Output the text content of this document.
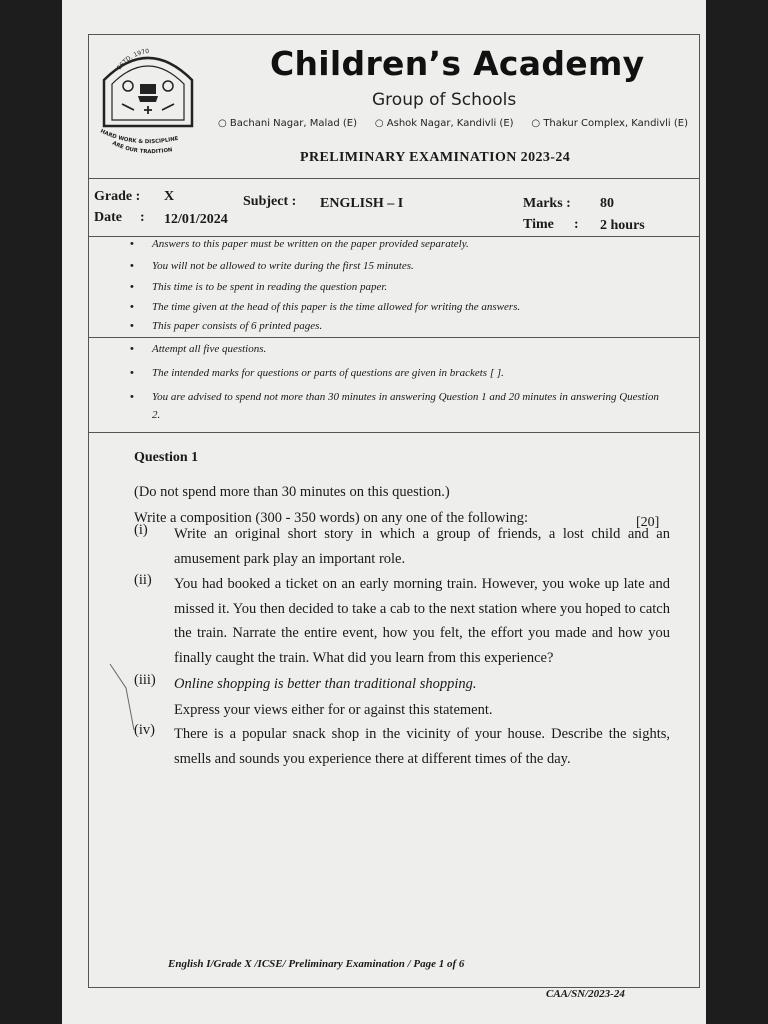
ESTD. 1970
HARD WORK & DISCIPLINE
ARE OUR TRADITION
Children’s Academy
Group of Schools
○ Bachani Nagar, Malad (E) ○ Ashok Nagar, Kandivli (E) ○ Thakur Complex, Kandivli (E)
PRELIMINARY EXAMINATION 2023-24
Grade : X
Date : 12/01/2024
Subject : ENGLISH – I	Marks : 80
Time : 2 hours
• Answers to this paper must be written on the paper provided separately.
• You will not be allowed to write during the first 15 minutes.
• This time is to be spent in reading the question paper.
• The time given at the head of this paper is the time allowed for writing the answers.
• This paper consists of 6 printed pages.
• Attempt all five questions.
• The intended marks for questions or parts of questions are given in brackets [ ].
• You are advised to spend not more than 30 minutes in answering Question 1 and 20 minutes in answering Question 2.
Question 1
(Do not spend more than 30 minutes on this question.)
Write a composition (300 - 350 words) on any one of the following:	[20]
(i) Write an original short story in which a group of friends, a lost child and an amusement park play an important role.
(ii) You had booked a ticket on an early morning train. However, you woke up late and missed it. You then decided to take a cab to the next station where you hoped to catch the train. Narrate the entire event, how you felt, the effort you made and how you finally caught the train. What did you learn from this experience?
(iii) Online shopping is better than traditional shopping.
Express your views either for or against this statement.
(iv) There is a popular snack shop in the vicinity of your house. Describe the sights, smells and sounds you experience there at different times of the day.
English I/Grade X /ICSE/ Preliminary Examination / Page 1 of 6
CAA/SN/2023-24
